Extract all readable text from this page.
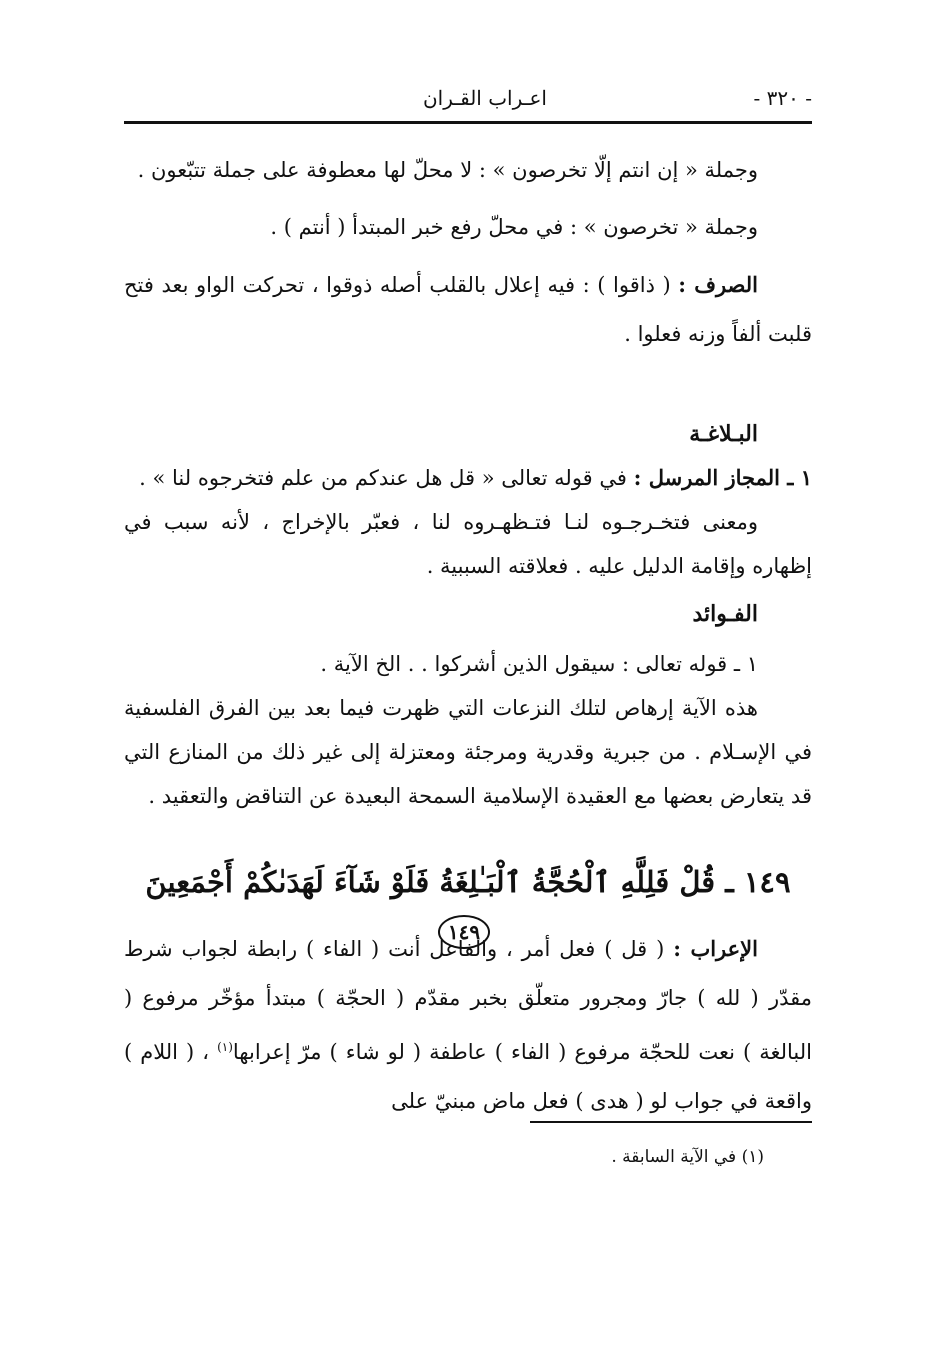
- ٣٢٠ -
اعـراب القـران

وجملة « إن انتم إلّا تخرصون » : لا محلّ لها معطوفة على جملة تتبّعون .

وجملة « تخرصون » : في محلّ رفع خبر المبتدأ ( أنتم ) .

الصرف : ( ذاقوا ) : فيه إعلال بالقلب أصله ذوقوا ، تحركت الواو بعد فتح قلبت ألفاً وزنه فعلوا .

البـلاغـة

١ ـ المجاز المرسل : في قوله تعالى « قل هل عندكم من علم فتخرجوه لنا » .

ومعنى فتخـرجـوه لنـا فتـظهـروه لنا ، فعبّر بالإخراج ، لأنه سبب في إظهاره وإقامة الدليل عليه . فعلاقته السببية .

الفـوائد

١ ـ قوله تعالى : سيقول الذين أشركوا . . الخ الآية .

هذه الآية إرهاص لتلك النزعات التي ظهرت فيما بعد بين الفرق الفلسفية في الإسـلام . من جبرية وقدرية ومرجئة ومعتزلة إلى غير ذلك من المنازع التي قد يتعارض بعضها مع العقيدة الإسلامية السمحة البعيدة عن التناقض والتعقيد .

١٤٩ ـ قُلْ فَلِلَّهِ ٱلْحُجَّةُ ٱلْبَـٰلِغَةُ فَلَوْ شَآءَ لَهَدَىٰكُمْ أَجْمَعِينَ ١٤٩

الإعراب : ( قل ) فعل أمر ، والفاعل أنت ( الفاء ) رابطة لجواب شرط مقدّر ( لله ) جارّ ومجرور متعلّق بخبر مقدّم ( الحجّة ) مبتدأ مؤخّر مرفوع ( البالغة ) نعت للحجّة مرفوع ( الفاء ) عاطفة ( لو شاء ) مرّ إعرابها$^{(١)}$ ، ( اللام ) واقعة في جواب لو ( هدى ) فعل ماض مبنيّ على

(١) في الآية السابقة .
